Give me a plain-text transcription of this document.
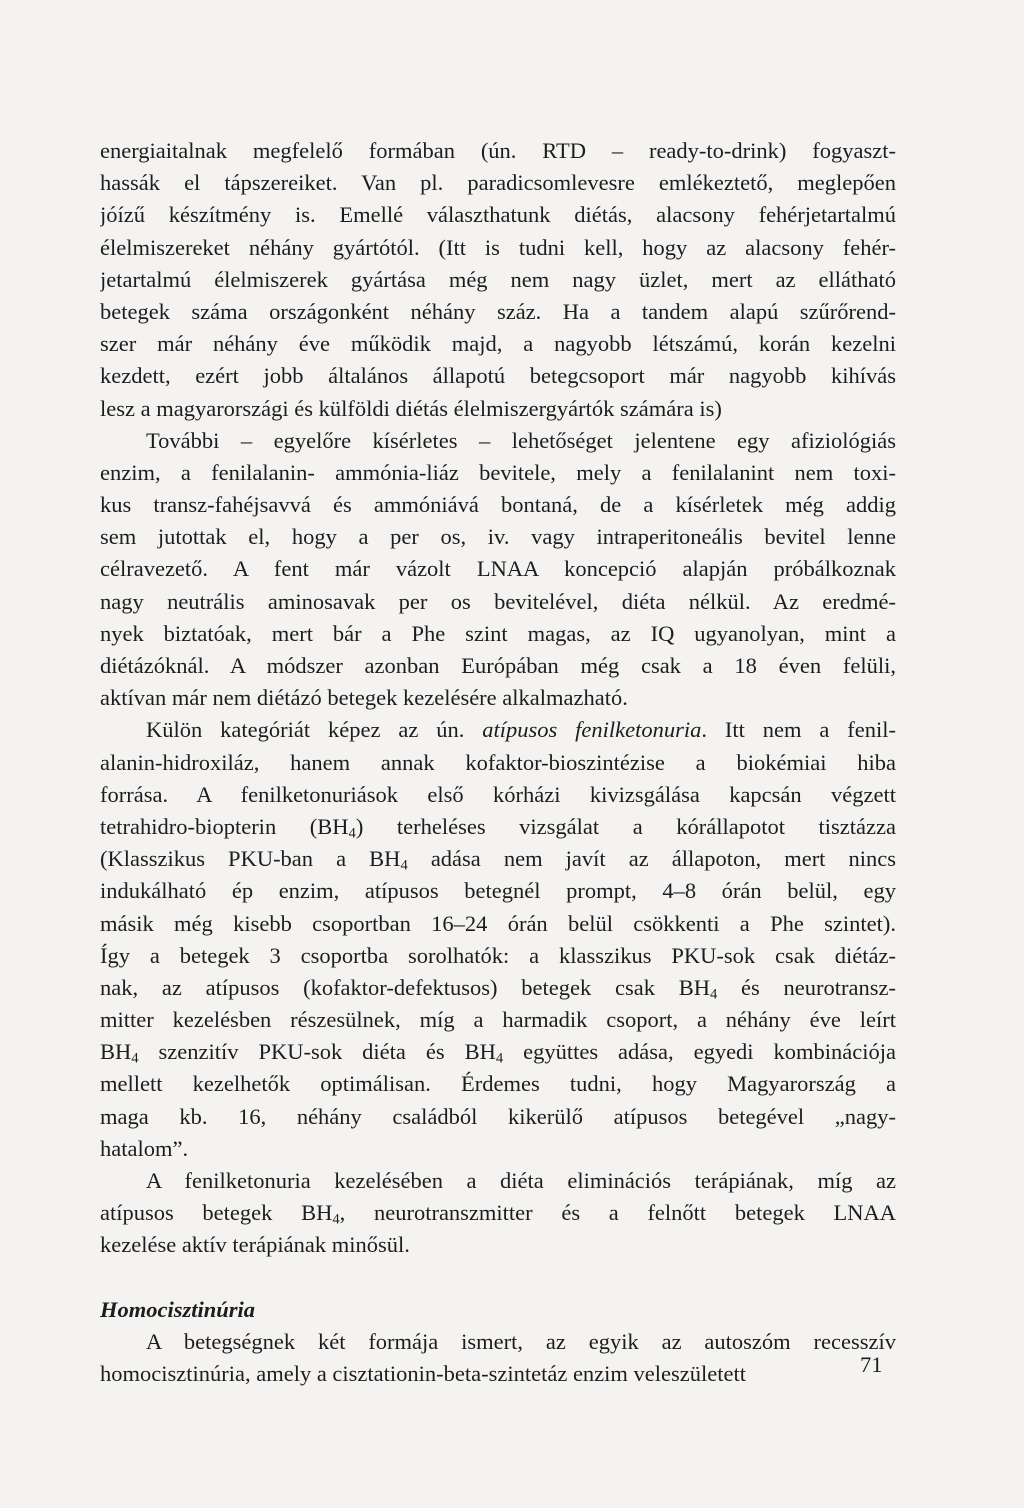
energiaitalnak megfelelő formában (ún. RTD – ready-to-drink) fogyaszt-
hassák el tápszereiket. Van pl. paradicsomlevesre emlékeztető, meglepően
jóízű készítmény is. Emellé választhatunk diétás, alacsony fehérjetartalmú
élelmiszereket néhány gyártótól. (Itt is tudni kell, hogy az alacsony fehér-
jetartalmú élelmiszerek gyártása még nem nagy üzlet, mert az ellátható
betegek száma országonként néhány száz. Ha a tandem alapú szűrőrend-
szer már néhány éve működik majd, a nagyobb létszámú, korán kezelni
kezdett, ezért jobb általános állapotú betegcsoport már nagyobb kihívás
lesz a magyarországi és külföldi diétás élelmiszergyártók számára is)
További – egyelőre kísérletes – lehetőséget jelentene egy afiziológiás
enzim, a fenilalanin- ammónia-liáz bevitele, mely a fenilalanint nem toxi-
kus transz-fahéjsavvá és ammóniává bontaná, de a kísérletek még addig
sem jutottak el, hogy a per os, iv. vagy intraperitoneális bevitel lenne
célravezető. A fent már vázolt LNAA koncepció alapján próbálkoznak
nagy neutrális aminosavak per os bevitelével, diéta nélkül. Az eredmé-
nyek biztatóak, mert bár a Phe szint magas, az IQ ugyanolyan, mint a
diétázóknál. A módszer azonban Európában még csak a 18 éven felüli,
aktívan már nem diétázó betegek kezelésére alkalmazható.
Külön kategóriát képez az ún. atípusos fenilketonuria. Itt nem a fenil-
alanin-hidroxiláz, hanem annak kofaktor-bioszintézise a biokémiai hiba
forrása. A fenilketonuriások első kórházi kivizsgálása kapcsán végzett
tetrahidro-biopterin $(BH_4)$ terheléses vizsgálat a kórállapotot tisztázza
(Klasszikus PKU-ban a $BH_4$ adása nem javít az állapoton, mert nincs
indukálható ép enzim, atípusos betegnél prompt, 4–8 órán belül, egy
másik még kisebb csoportban 16–24 órán belül csökkenti a Phe szintet).
Így a betegek 3 csoportba sorolhatók: a klasszikus PKU-sok csak diétáz-
nak, az atípusos (kofaktor-defektusos) betegek csak $BH_4$ és neurotransz-
mitter kezelésben részesülnek, míg a harmadik csoport, a néhány éve leírt
$BH_4$ szenzitív PKU-sok diéta és $BH_4$ együttes adása, egyedi kombinációja
mellett kezelhetők optimálisan. Érdemes tudni, hogy Magyarország a
maga kb. 16, néhány családból kikerülő atípusos betegével „nagy-
hatalom”.
A fenilketonuria kezelésében a diéta eliminációs terápiának, míg az
atípusos betegek $BH_4$, neurotranszmitter és a felnőtt betegek LNAA
kezelése aktív terápiának minősül.
Homocisztinúria
A betegségnek két formája ismert, az egyik az autoszóm recesszív
homocisztinúria, amely a cisztationin-beta-szintetáz enzim veleszületett	71
